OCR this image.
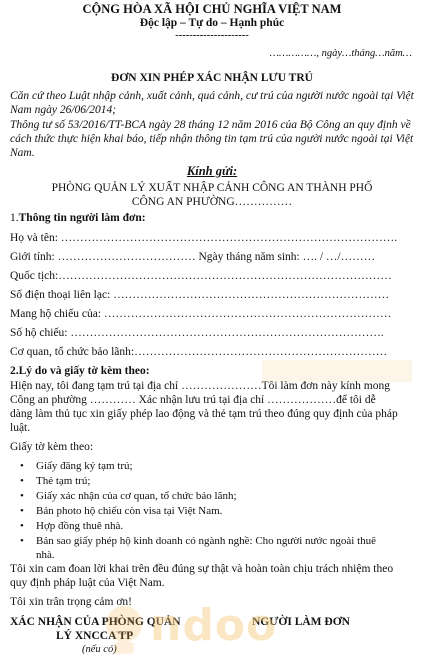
CỘNG HÒA XÃ HỘI CHỦ NGHĨA VIỆT NAM
Độc lập – Tự do – Hạnh phúc
---------------------
……………, ngày…tháng…năm…
ĐƠN XIN PHÉP XÁC NHẬN LƯU TRÚ
Căn cứ theo Luật nhập cảnh, xuất cảnh, quá cảnh, cư trú của người nước ngoài tại Việt Nam ngày 26/06/2014;
Thông tư số 53/2016/TT-BCA ngày 28 tháng 12 năm 2016 của Bộ Công an quy định về cách thức thực hiện khai báo, tiếp nhận thông tin tạm trú của người nước ngoài tại Việt Nam.
Kính gửi:
PHÒNG QUẢN LÝ XUẤT NHẬP CẢNH CÔNG AN THÀNH PHỐ
CÔNG AN PHƯỜNG……………
1.Thông tin người làm đơn:
Họ và tên: …………………………………………………………………………….
Giới tính: ……………………………… Ngày tháng năm sinh: …. / …/………
Quốc tịch:……………………………………………………………………………
Số điện thoại liên lạc: ………………………………………………………………
Mang hộ chiếu của: …………………………………………………………………
Số hộ chiếu: ……………………………………………………………………….
Cơ quan, tổ chức bảo lãnh:…………………………………………………………
2.Lý do và giấy tờ kèm theo:
Hiện nay, tôi đang tạm trú tại địa chỉ …………………Tôi làm đơn này kính mong
Công an phường ………… Xác nhận lưu trú tại địa chỉ ………………để tôi dễ
dàng làm thủ tục xin giấy phép lao động và thẻ tạm trú theo đúng quy định của pháp
luật.
Giấy tờ kèm theo:
• Giấy đăng ký tạm trú;
• Thẻ tạm trú;
• Giấy xác nhận của cơ quan, tổ chức bảo lãnh;
• Bản photo hộ chiếu còn visa tại Việt Nam.
• Hợp đồng thuê nhà.
• Bản sao giấy phép hộ kinh doanh có ngành nghề: Cho người nước ngoài thuê
nhà.
Tôi xin cam đoan lời khai trên đều đúng sự thật và hoàn toàn chịu trách nhiệm theo
quy định pháp luật của Việt Nam.
Tôi xin trân trọng cảm ơn!
XÁC NHẬN CỦA PHÒNG QUẢN
LÝ XNCCA TP
(nếu có)
NGƯỜI LÀM ĐƠN
ndoo
